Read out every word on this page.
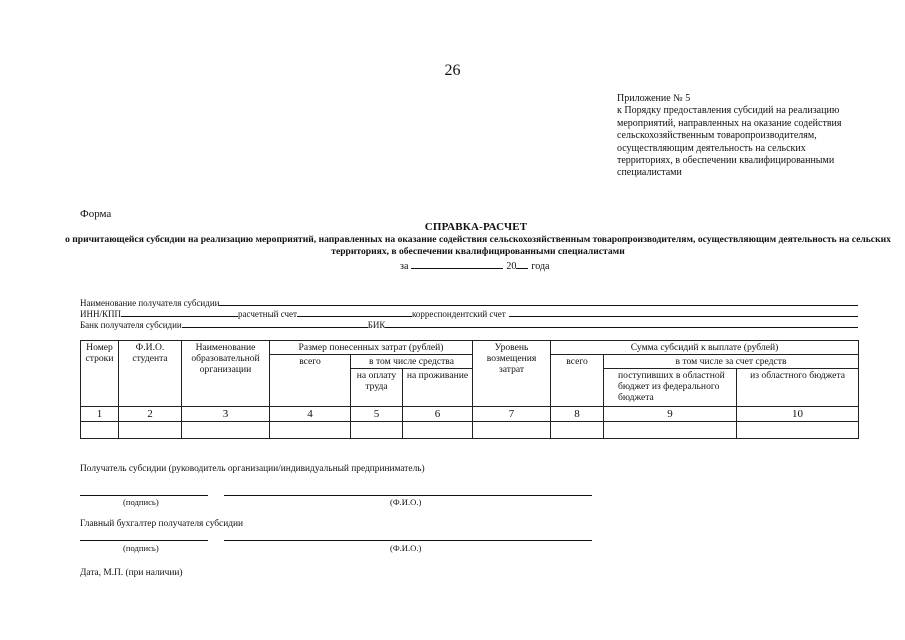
26
Приложение № 5
к Порядку предоставления субсидий на реализацию
мероприятий, направленных на оказание содействия
сельскохозяйственным товаропроизводителям,
осуществляющим деятельность на сельских
территориях, в обеспечении квалифицированными
специалистами
Форма
СПРАВКА-РАСЧЕТ
о причитающейся субсидии на реализацию мероприятий, направленных на оказание содействия сельскохозяйственным товаропроизводителям, осуществляющим деятельность на сельских территориях, в обеспечении квалифицированными специалистами
за	20 года
Наименование получателя субсидии
ИНН/КПП	расчетный счет	корреспондентский счет
Банк получателя субсидии	БИК
Номер строки	Ф.И.О. студента	Наименование образовательной организации	Размер понесенных затрат (рублей)			Уровень возмещения затрат	Сумма субсидий к выплате (рублей)		
			всего	в том числе средства			всего	в том числе за счет средств	
				на оплату труда	на проживание			поступивших в областной бюджет из федерального бюджета	из областного бюджета
1	2	3	4	5	6	7	8	9	10

Получатель субсидии (руководитель организации/индивидуальный предприниматель)
(подпись)	(Ф.И.О.)
Главный бухгалтер получателя субсидии
(подпись)	(Ф.И.О.)
Дата, М.П. (при наличии)
